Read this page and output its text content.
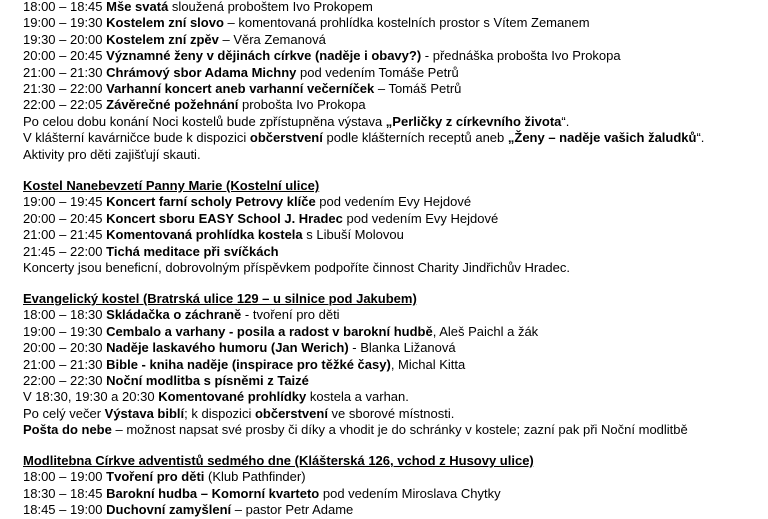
18:00 – 18:45 Mše svatá sloužená proboštem Ivo Prokopem
19:00 – 19:30 Kostelem zní slovo – komentovaná prohlídka kostelních prostor s Vítem Zemanem
19:30 – 20:00 Kostelem zní zpěv – Věra Zemanová
20:00 – 20:45 Významné ženy v dějinách církve (naděje i obavy?) - přednáška probošta Ivo Prokopa
21:00 – 21:30 Chrámový sbor Adama Michny pod vedením Tomáše Petrů
21:30 – 22:00 Varhanní koncert aneb varhanní večerníček – Tomáš Petrů
22:00 – 22:05 Závěrečné požehnání probošta Ivo Prokopa
Po celou dobu konání Noci kostelů bude zpřístupněna výstava „Perličky z církevního života“.
V klášterní kavárničce bude k dispozici občerstvení podle klášterních receptů aneb „Ženy – naděje vašich žaludků“.
Aktivity pro děti zajišťují skauti.
Kostel Nanebevzetí Panny Marie (Kostelní ulice)
19:00 – 19:45 Koncert farní scholy Petrovy klíče pod vedením Evy Hejdové
20:00 – 20:45 Koncert sboru EASY School J. Hradec pod vedením Evy Hejdové
21:00 – 21:45 Komentovaná prohlídka kostela s Libuší Molovou
21:45 – 22:00 Tichá meditace při svíčkách
Koncerty jsou beneficní, dobrovolným příspěvkem podpoříte činnost Charity Jindřichův Hradec.
Evangelický kostel (Bratrská ulice 129 – u silnice pod Jakubem)
18:00 – 18:30 Skládačka o záchraně - tvoření pro děti
19:00 – 19:30 Cembalo a varhany - posila a radost v barokní hudbě, Aleš Paichl a žák
20:00 – 20:30 Naděje laskavého humoru (Jan Werich) - Blanka Ližanová
21:00 – 21:30 Bible - kniha naděje (inspirace pro těžké časy), Michal Kitta
22:00 – 22:30 Noční modlitba s písněmi z Taizé
V 18:30, 19:30 a 20:30 Komentované prohlídky kostela a varhan.
Po celý večer Výstava biblí; k dispozici občerstvení ve sborové místnosti.
Pošta do nebe – možnost napsat své prosby či díky a vhodit je do schránky v kostele; zazní pak při Noční modlitbě
Modlitebna Církve adventistů sedmého dne (Klášterská 126, vchod z Husovy ulice)
18:00 – 19:00 Tvoření pro děti (Klub Pathfinder)
18:30 – 18:45 Barokní hudba – Komorní kvarteto pod vedením Miroslava Chytky
18:45 – 19:00 Duchovní zamyšlení – pastor Petr Adame
